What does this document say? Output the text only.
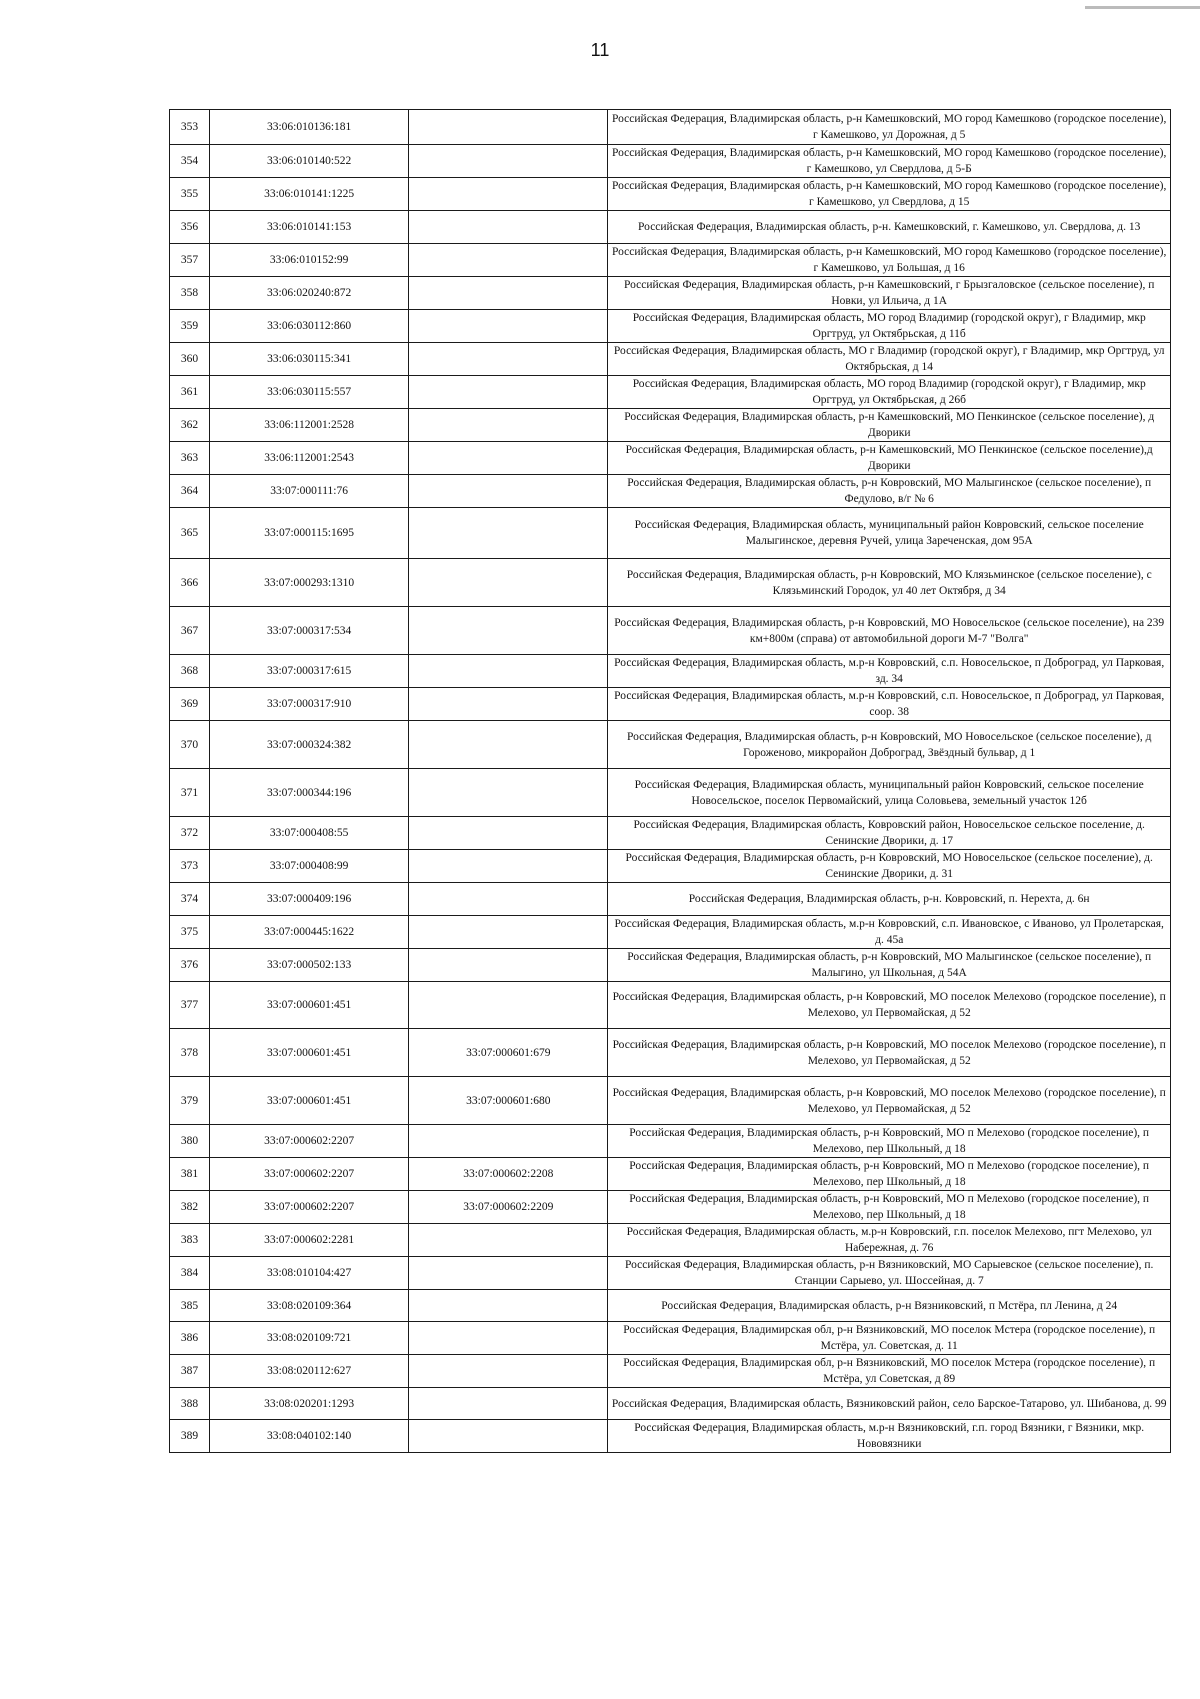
11
353	33:06:010136:181		Российская Федерация, Владимирская область, р-н Камешковский, МО город Камешково (городское поселение), г Камешково, ул Дорожная, д 5
354	33:06:010140:522		Российская Федерация, Владимирская область, р-н Камешковский, МО город Камешково (городское поселение), г Камешково, ул Свердлова, д 5-Б
355	33:06:010141:1225		Российская Федерация, Владимирская область, р-н Камешковский, МО город Камешково (городское поселение), г Камешково, ул Свердлова, д 15
356	33:06:010141:153		Российская Федерация, Владимирская область, р-н. Камешковский, г. Камешково, ул. Свердлова, д. 13
357	33:06:010152:99		Российская Федерация, Владимирская область, р-н Камешковский, МО город Камешково (городское поселение), г Камешково, ул Большая, д 16
358	33:06:020240:872		Российская Федерация, Владимирская область, р-н Камешковский, г Брызгаловское (сельское поселение), п Новки, ул Ильича, д 1А
359	33:06:030112:860		Российская Федерация, Владимирская область, МО город Владимир (городской округ), г Владимир, мкр Оргтруд, ул Октябрьская, д 11б
360	33:06:030115:341		Российская Федерация, Владимирская область, МО г Владимир (городской округ), г Владимир, мкр Оргтруд, ул Октябрьская, д 14
361	33:06:030115:557		Российская Федерация, Владимирская область, МО город Владимир (городской округ), г Владимир, мкр Оргтруд, ул Октябрьская, д 26б
362	33:06:112001:2528		Российская Федерация, Владимирская область, р-н Камешковский, МО Пенкинское (сельское поселение), д Дворики
363	33:06:112001:2543		Российская Федерация, Владимирская область, р-н Камешковский, МО Пенкинское (сельское поселение),д Дворики
364	33:07:000111:76		Российская Федерация, Владимирская область, р-н Ковровский, МО Малыгинское (сельское поселение), п Федулово, в/г № 6
365	33:07:000115:1695		Российская Федерация, Владимирская область, муниципальный район Ковровский, сельское поселение Малыгинское, деревня Ручей, улица Зареченская, дом 95А
366	33:07:000293:1310		Российская Федерация, Владимирская область, р-н Ковровский, МО Клязьминское (сельское поселение), с Клязьминский Городок, ул 40 лет Октября, д 34
367	33:07:000317:534		Российская Федерация, Владимирская область, р-н Ковровский, МО Новосельское (сельское поселение), на 239 км+800м (справа) от автомобильной дороги М-7 "Волга"
368	33:07:000317:615		Российская Федерация, Владимирская область, м.р-н Ковровский, с.п. Новосельское, п Доброград, ул Парковая, зд. 34
369	33:07:000317:910		Российская Федерация, Владимирская область, м.р-н Ковровский, с.п. Новосельское, п Доброград, ул Парковая, соор. 38
370	33:07:000324:382		Российская Федерация, Владимирская область, р-н Ковровский, МО Новосельское (сельское поселение), д Гороженово, микрорайон Доброград, Звёздный бульвар, д 1
371	33:07:000344:196		Российская Федерация, Владимирская область, муниципальный район Ковровский, сельское поселение Новосельское, поселок Первомайский, улица Соловьева, земельный участок 12б
372	33:07:000408:55		Российская Федерация, Владимирская область, Ковровский район, Новосельское сельское поселение, д. Сенинские Дворики, д. 17
373	33:07:000408:99		Российская Федерация, Владимирская область, р-н Ковровский, МО Новосельское (сельское поселение), д. Сенинские Дворики, д. 31
374	33:07:000409:196		Российская Федерация, Владимирская область, р-н. Ковровский, п. Нерехта, д. 6н
375	33:07:000445:1622		Российская Федерация, Владимирская область, м.р-н Ковровский, с.п. Ивановское, с Иваново, ул Пролетарская, д. 45а
376	33:07:000502:133		Российская Федерация, Владимирская область, р-н Ковровский, МО Малыгинское (сельское поселение), п Малыгино, ул Школьная, д 54А
377	33:07:000601:451		Российская Федерация, Владимирская область, р-н Ковровский, МО поселок Мелехово (городское поселение), п Мелехово, ул Первомайская, д 52
378	33:07:000601:451	33:07:000601:679	Российская Федерация, Владимирская область, р-н Ковровский, МО поселок Мелехово (городское поселение), п Мелехово, ул Первомайская, д 52
379	33:07:000601:451	33:07:000601:680	Российская Федерация, Владимирская область, р-н Ковровский, МО поселок Мелехово (городское поселение), п Мелехово, ул Первомайская, д 52
380	33:07:000602:2207		Российская Федерация, Владимирская область, р-н Ковровский, МО п Мелехово (городское поселение), п Мелехово, пер Школьный, д 18
381	33:07:000602:2207	33:07:000602:2208	Российская Федерация, Владимирская область, р-н Ковровский, МО п Мелехово (городское поселение), п Мелехово, пер Школьный, д 18
382	33:07:000602:2207	33:07:000602:2209	Российская Федерация, Владимирская область, р-н Ковровский, МО п Мелехово (городское поселение), п Мелехово, пер Школьный, д 18
383	33:07:000602:2281		Российская Федерация, Владимирская область, м.р-н Ковровский, г.п. поселок Мелехово, пгт Мелехово, ул Набережная, д. 76
384	33:08:010104:427		Российская Федерация, Владимирская область, р-н Вязниковский, МО Сарыевское (сельское поселение), п. Станции Сарыево, ул. Шоссейная, д. 7
385	33:08:020109:364		Российская Федерация, Владимирская область, р-н Вязниковский, п Мстёра, пл Ленина, д 24
386	33:08:020109:721		Российская Федерация, Владимирская обл, р-н Вязниковский, МО поселок Мстера (городское поселение), п Мстёра, ул. Советская, д. 11
387	33:08:020112:627		Российская Федерация, Владимирская обл, р-н Вязниковский, МО поселок Мстера (городское поселение), п Мстёра, ул Советская, д 89
388	33:08:020201:1293		Российская Федерация, Владимирская область, Вязниковский район, село Барское-Татарово, ул. Шибанова, д. 99
389	33:08:040102:140		Российская Федерация, Владимирская область, м.р-н Вязниковский, г.п. город Вязники, г Вязники, мкр. Нововязники
